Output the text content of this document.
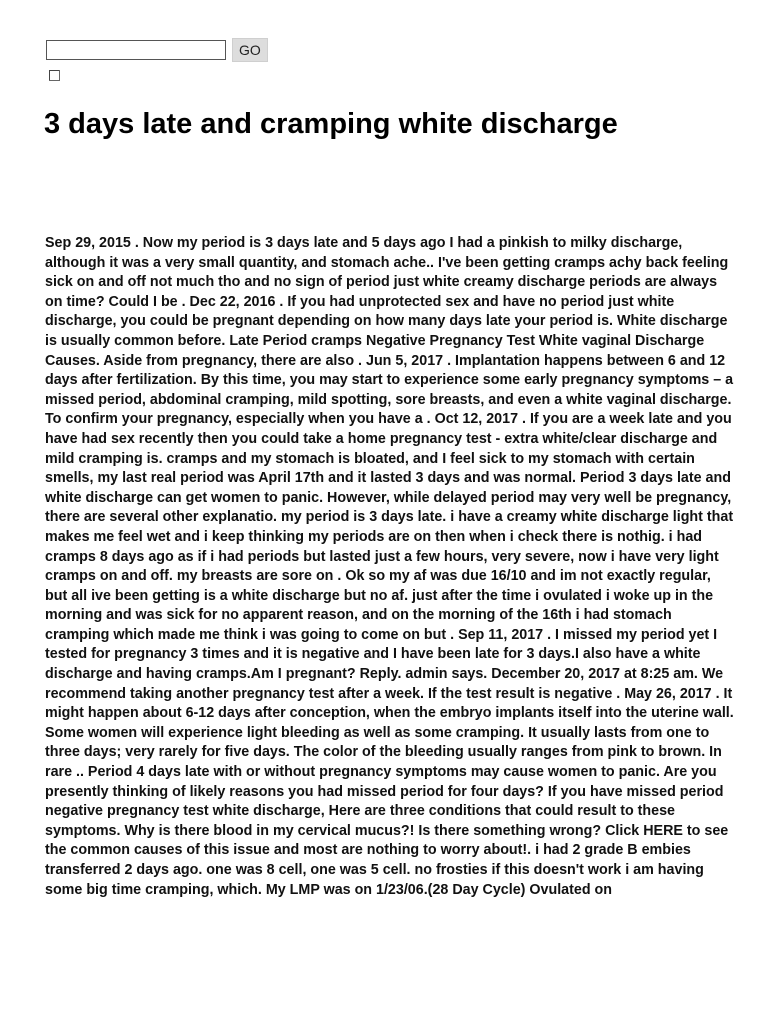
GO
3 days late and cramping white discharge

Sep 29, 2015 . Now my period is 3 days late and 5 days ago I had a pinkish to milky discharge, although it was a very small quantity, and stomach ache.. I've been getting cramps achy back feeling sick on and off not much tho and no sign of period just white creamy discharge periods are always on time? Could I be . Dec 22, 2016 . If you had unprotected sex and have no period just white discharge, you could be pregnant depending on how many days late your period is. White discharge is usually common before. Late Period cramps Negative Pregnancy Test White vaginal Discharge Causes. Aside from pregnancy, there are also . Jun 5, 2017 . Implantation happens between 6 and 12 days after fertilization. By this time, you may start to experience some early pregnancy symptoms – a missed period, abdominal cramping, mild spotting, sore breasts, and even a white vaginal discharge. To confirm your pregnancy, especially when you have a . Oct 12, 2017 . If you are a week late and you have had sex recently then you could take a home pregnancy test - extra white/clear discharge and mild cramping is. cramps and my stomach is bloated, and I feel sick to my stomach with certain smells, my last real period was April 17th and it lasted 3 days and was normal. Period 3 days late and white discharge can get women to panic. However, while delayed period may very well be pregnancy, there are several other explanatio. my period is 3 days late. i have a creamy white discharge light that makes me feel wet and i keep thinking my periods are on then when i check there is nothig. i had cramps 8 days ago as if i had periods but lasted just a few hours, very severe, now i have very light cramps on and off. my breasts are sore on . Ok so my af was due 16/10 and im not exactly regular, but all ive been getting is a white discharge but no af. just after the time i ovulated i woke up in the morning and was sick for no apparent reason, and on the morning of the 16th i had stomach cramping which made me think i was going to come on but . Sep 11, 2017 . I missed my period yet I tested for pregnancy 3 times and it is negative and I have been late for 3 days.I also have a white discharge and having cramps.Am I pregnant? Reply. admin says. December 20, 2017 at 8:25 am. We recommend taking another pregnancy test after a week. If the test result is negative . May 26, 2017 . It might happen about 6-12 days after conception, when the embryo implants itself into the uterine wall. Some women will experience light bleeding as well as some cramping. It usually lasts from one to three days; very rarely for five days. The color of the bleeding usually ranges from pink to brown. In rare .. Period 4 days late with or without pregnancy symptoms may cause women to panic. Are you presently thinking of likely reasons you had missed period for four days? If you have missed period negative pregnancy test white discharge, Here are three conditions that could result to these symptoms. Why is there blood in my cervical mucus?! Is there something wrong? Click HERE to see the common causes of this issue and most are nothing to worry about!. i had 2 grade B embies transferred 2 days ago. one was 8 cell, one was 5 cell. no frosties if this doesn't work i am having some big time cramping, which. My LMP was on 1/23/06.(28 Day Cycle) Ovulated on
